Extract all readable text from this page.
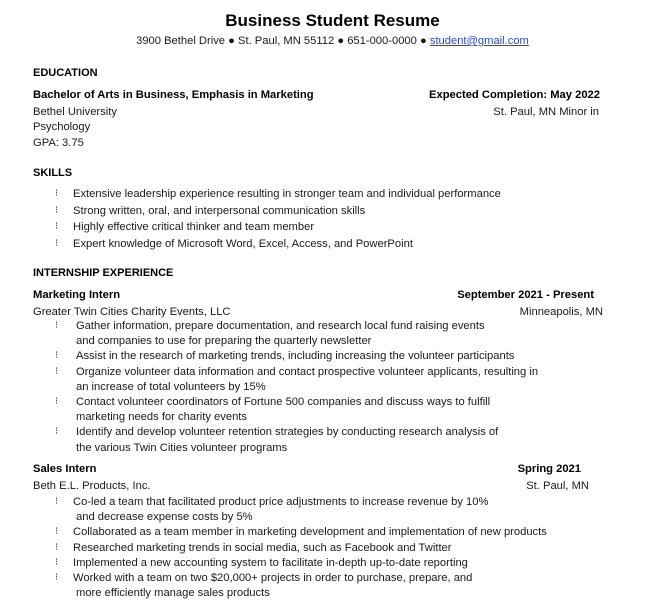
Business Student Resume
3900 Bethel Drive ● St. Paul, MN 55112 ● 651-000-0000 ● student@gmail.com
EDUCATION
Bachelor of Arts in Business, Emphasis in Marketing	Expected Completion: May 2022
Bethel University	St. Paul, MN Minor in
Psychology
GPA: 3.75
SKILLS
⁝ Extensive leadership experience resulting in stronger team and individual performance
⁝ Strong written, oral, and interpersonal communication skills
⁝ Highly effective critical thinker and team member
⁝ Expert knowledge of Microsoft Word, Excel, Access, and PowerPoint
INTERNSHIP EXPERIENCE
Marketing Intern	September 2021 - Present
Greater Twin Cities Charity Events, LLC	Minneapolis, MN
⁝ Gather information, prepare documentation, and research local fund raising events
and companies to use for preparing the quarterly newsletter
⁝ Assist in the research of marketing trends, including increasing the volunteer participants
⁝ Organize volunteer data information and contact prospective volunteer applicants, resulting in
an increase of total volunteers by 15%
⁝ Contact volunteer coordinators of Fortune 500 companies and discuss ways to fulfill
marketing needs for charity events
⁝ Identify and develop volunteer retention strategies by conducting research analysis of
the various Twin Cities volunteer programs
Sales Intern	Spring 2021
Beth E.L. Products, Inc.	St. Paul, MN
⁝ Co-led a team that facilitated product price adjustments to increase revenue by 10%
and decrease expense costs by 5%
⁝ Collaborated as a team member in marketing development and implementation of new products
⁝ Researched marketing trends in social media, such as Facebook and Twitter
⁝ Implemented a new accounting system to facilitate in-depth up-to-date reporting
⁝ Worked with a team on two $20,000+ projects in order to purchase, prepare, and
more efficiently manage sales products
